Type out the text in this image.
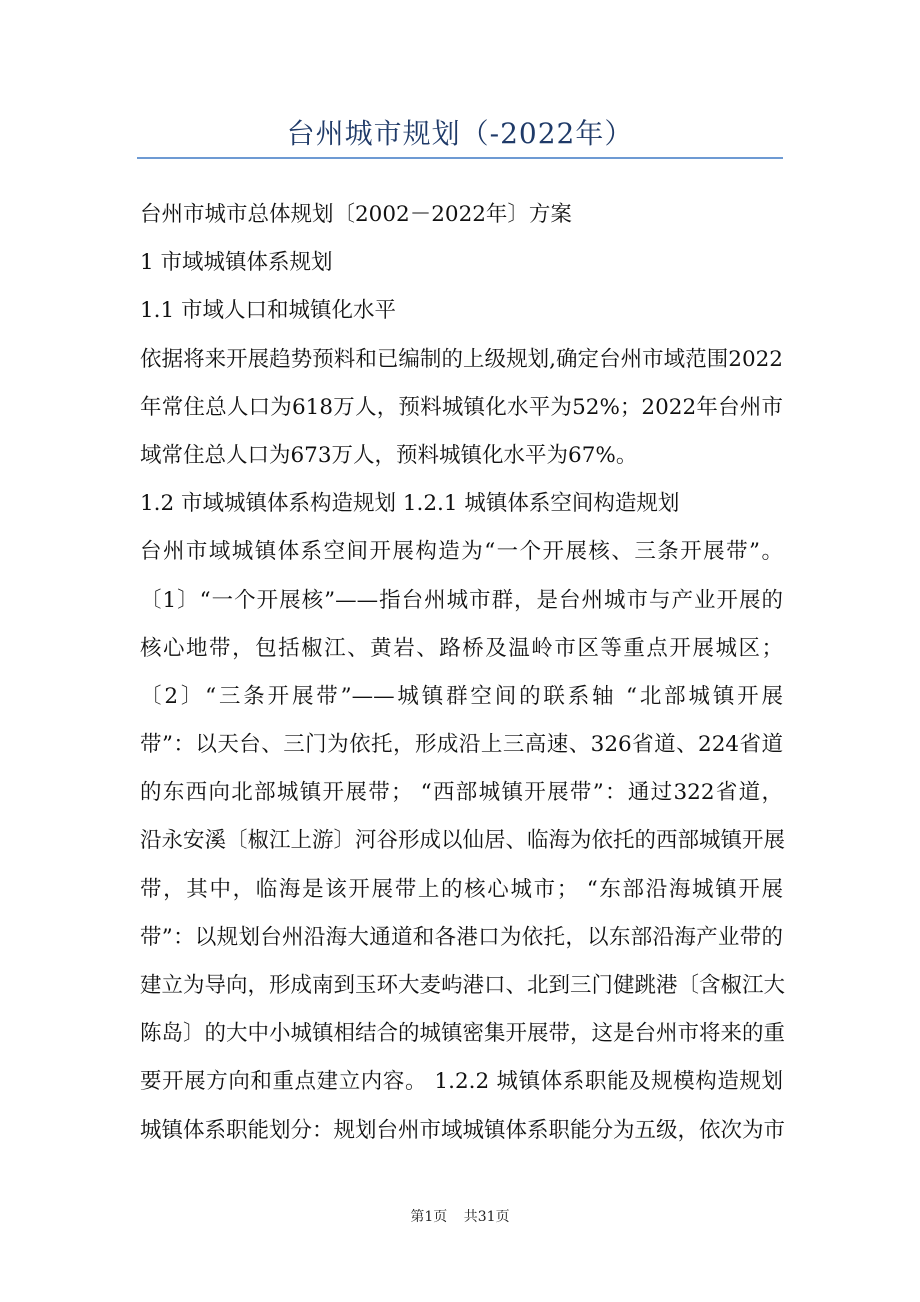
台州城市规划（-2022年）
台州市城市总体规划〔2002－2022年〕方案
1 市域城镇体系规划
1.1 市域人口和城镇化水平
依据将来开展趋势预料和已编制的上级规划,确定台州市域范围2022
年常住总人口为618万人，预料城镇化水平为52%；2022年台州市
域常住总人口为673万人，预料城镇化水平为67%。
1.2 市域城镇体系构造规划 1.2.1 城镇体系空间构造规划
台州市域城镇体系空间开展构造为“一个开展核、三条开展带”。
〔1〕“一个开展核”——指台州城市群，是台州城市与产业开展的
核心地带，包括椒江、黄岩、路桥及温岭市区等重点开展城区；
〔2〕“三条开展带”——城镇群空间的联系轴 “北部城镇开展
带”：以天台、三门为依托，形成沿上三高速、326省道、224省道
的东西向北部城镇开展带； “西部城镇开展带”：通过322省道，
沿永安溪〔椒江上游〕河谷形成以仙居、临海为依托的西部城镇开展
带，其中，临海是该开展带上的核心城市； “东部沿海城镇开展
带”：以规划台州沿海大通道和各港口为依托，以东部沿海产业带的
建立为导向，形成南到玉环大麦屿港口、北到三门健跳港〔含椒江大
陈岛〕的大中小城镇相结合的城镇密集开展带，这是台州市将来的重
要开展方向和重点建立内容。 1.2.2 城镇体系职能及规模构造规划
城镇体系职能划分：规划台州市域城镇体系职能分为五级，依次为市
第1页 共31页
